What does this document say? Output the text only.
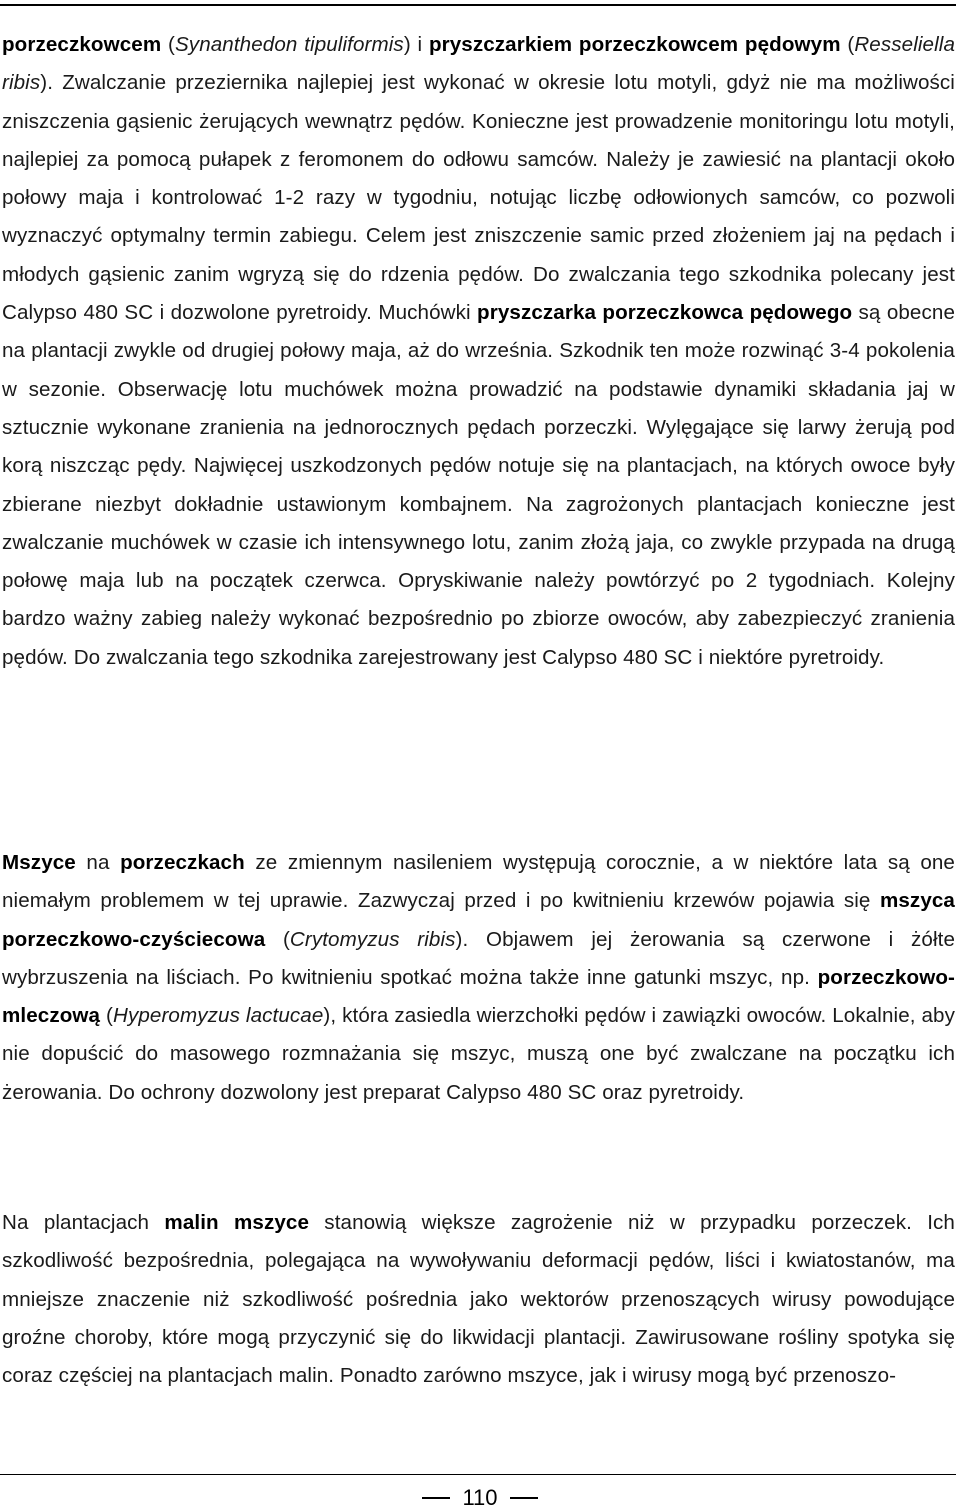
porzeczkowcem (Synanthedon tipuliformis) i pryszczarkiem porzeczkowcem pędowym (Resseliella ribis). Zwalczanie przeziernika najlepiej jest wykonać w okresie lotu motyli, gdyż nie ma możliwości zniszczenia gąsienic żerujących wewnątrz pędów. Konieczne jest prowadzenie monitoringu lotu motyli, najlepiej za pomocą pułapek z feromonem do odłowu samców. Należy je zawiesić na plantacji około połowy maja i kontrolować 1-2 razy w tygodniu, notując liczbę odłowionych samców, co pozwoli wyznaczyć optymalny termin zabiegu. Celem jest zniszczenie samic przed złożeniem jaj na pędach i młodych gąsienic zanim wgryzą się do rdzenia pędów. Do zwalczania tego szkodnika polecany jest Calypso 480 SC i dozwolone pyretroidy. Muchówki pryszczarka porzeczkowca pędowego są obecne na plantacji zwykle od drugiej połowy maja, aż do września. Szkodnik ten może rozwinąć 3-4 pokolenia w sezonie. Obserwację lotu muchówek można prowadzić na podstawie dynamiki składania jaj w sztucznie wykonane zranienia na jednorocznych pędach porzeczki. Wylęgające się larwy żerują pod korą niszcząc pędy. Najwięcej uszkodzonych pędów notuje się na plantacjach, na których owoce były zbierane niezbyt dokładnie ustawionym kombajnem. Na zagrożonych plantacjach konieczne jest zwalczanie muchówek w czasie ich intensywnego lotu, zanim złożą jaja, co zwykle przypada na drugą połowę maja lub na początek czerwca. Opryskiwanie należy powtórzyć po 2 tygodniach. Kolejny bardzo ważny zabieg należy wykonać bezpośrednio po zbiorze owoców, aby zabezpieczyć zranienia pędów. Do zwalczania tego szkodnika zarejestrowany jest Calypso 480 SC i niektóre pyretroidy.

Mszyce na porzeczkach ze zmiennym nasileniem występują corocznie, a w niektóre lata są one niemałym problemem w tej uprawie. Zazwyczaj przed i po kwitnieniu krzewów pojawia się mszyca porzeczkowo-czyściecowa (Crytomyzus ribis). Objawem jej żerowania są czerwone i żółte wybrzuszenia na liściach. Po kwitnieniu spotkać można także inne gatunki mszyc, np. porzeczkowo-mleczową (Hyperomyzus lactucae), która zasiedla wierzchołki pędów i zawiązki owoców. Lokalnie, aby nie dopuścić do masowego rozmnażania się mszyc, muszą one być zwalczane na początku ich żerowania. Do ochrony dozwolony jest preparat Calypso 480 SC oraz pyretroidy.

Na plantacjach malin mszyce stanowią większe zagrożenie niż w przypadku porzeczek. Ich szkodliwość bezpośrednia, polegająca na wywoływaniu deformacji pędów, liści i kwiatostanów, ma mniejsze znaczenie niż szkodliwość pośrednia jako wektorów przenoszących wirusy powodujące groźne choroby, które mogą przyczynić się do likwidacji plantacji. Zawirusowane rośliny spotyka się coraz częściej na plantacjach malin. Ponadto zarówno mszyce, jak i wirusy mogą być przenoszo-

110
